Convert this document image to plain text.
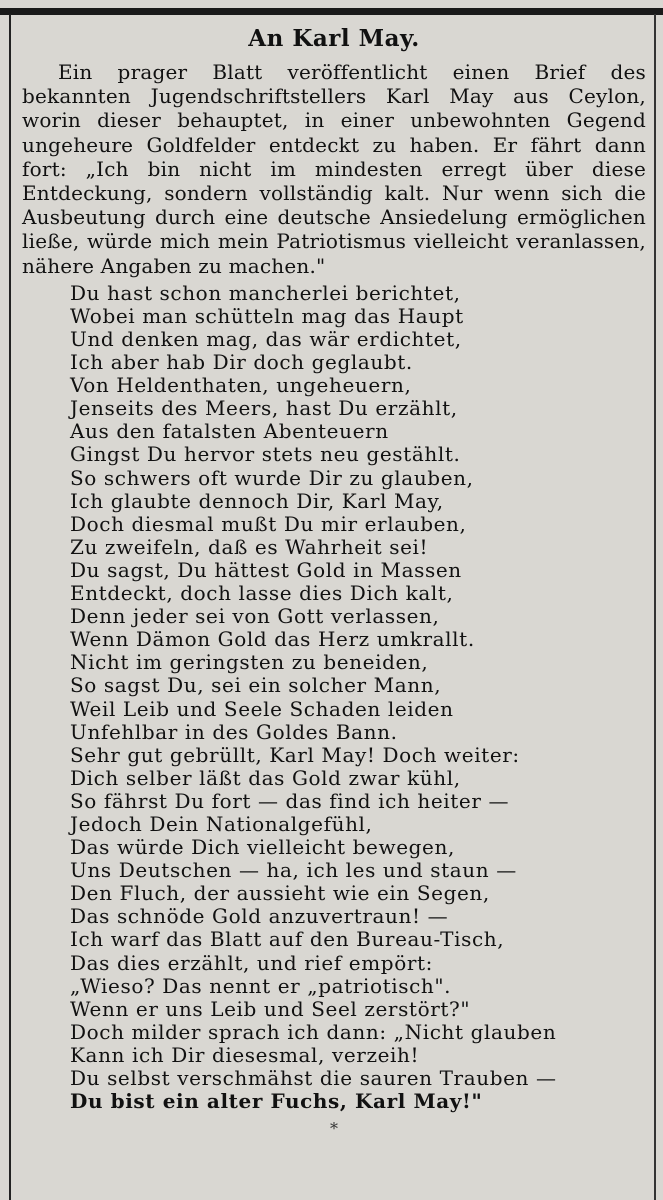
An Karl May.

Ein prager Blatt veröffentlicht einen Brief des bekannten Jugendschriftstellers Karl May aus Ceylon, worin dieser behauptet, in einer unbewohnten Gegend ungeheure Goldfelder entdeckt zu haben. Er fährt dann fort: „Ich bin nicht im mindesten erregt über diese Entdeckung, sondern vollständig kalt. Nur wenn sich die Ausbeutung durch eine deutsche Ansiedelung ermöglichen ließe, würde mich mein Patriotismus vielleicht veranlassen, nähere Angaben zu machen."

Du hast schon mancherlei berichtet,
Wobei man schütteln mag das Haupt
Und denken mag, das wär erdichtet,
Ich aber hab Dir doch geglaubt.
Von Heldenthaten, ungeheuern,
Jenseits des Meers, hast Du erzählt,
Aus den fatalsten Abenteuern
Gingst Du hervor stets neu gestählt.
So schwers oft wurde Dir zu glauben,
Ich glaubte dennoch Dir, Karl May,
Doch diesmal mußt Du mir erlauben,
Zu zweifeln, daß es Wahrheit sei!
Du sagst, Du hättest Gold in Massen
Entdeckt, doch lasse dies Dich kalt,
Denn jeder sei von Gott verlassen,
Wenn Dämon Gold das Herz umkrallt.
Nicht im geringsten zu beneiden,
So sagst Du, sei ein solcher Mann,
Weil Leib und Seele Schaden leiden
Unfehlbar in des Goldes Bann.
Sehr gut gebrüllt, Karl May! Doch weiter:
Dich selber läßt das Gold zwar kühl,
So fährst Du fort — das find ich heiter —
Jedoch Dein Nationalgefühl,
Das würde Dich vielleicht bewegen,
Uns Deutschen — ha, ich les und staun —
Den Fluch, der aussieht wie ein Segen,
Das schnöde Gold anzuvertraun! —
Ich warf das Blatt auf den Bureau-Tisch,
Das dies erzählt, und rief empört:
„Wieso? Das nennt er „patriotisch".
Wenn er uns Leib und Seel zerstört?"
Doch milder sprach ich dann: „Nicht glauben
Kann ich Dir diesesmal, verzeih!
Du selbst verschmähst die sauren Trauben —
Du bist ein alter Fuchs, Karl May!"
*
